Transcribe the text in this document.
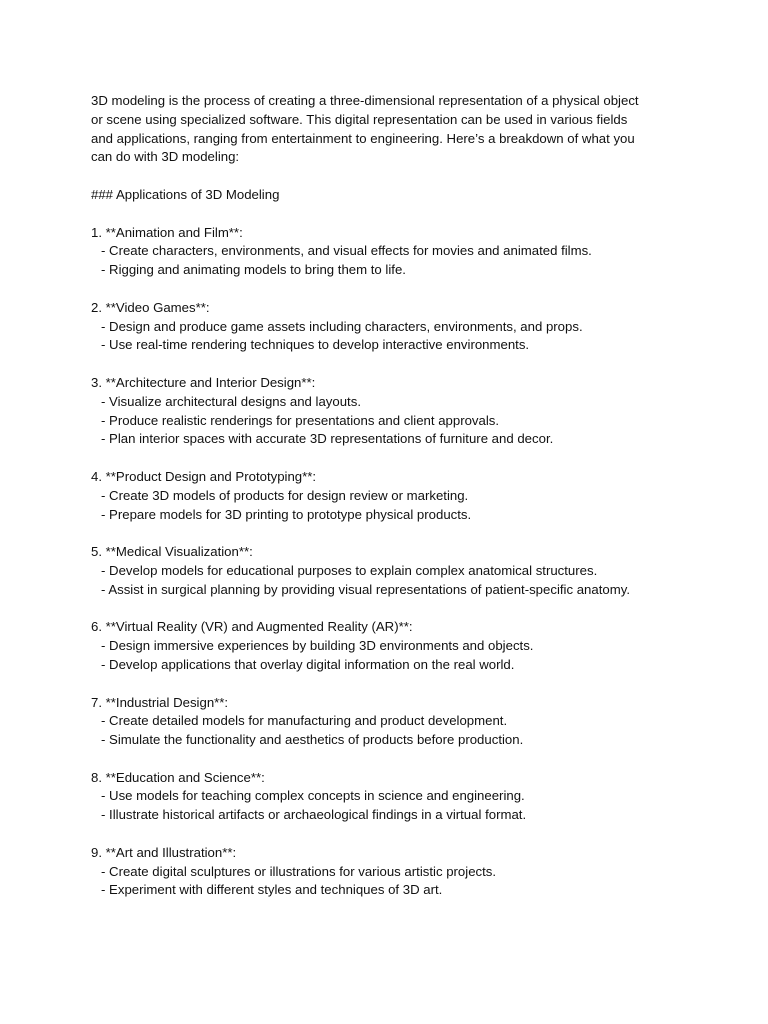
3D modeling is the process of creating a three-dimensional representation of a physical object

or scene using specialized software. This digital representation can be used in various fields

and applications, ranging from entertainment to engineering. Here’s a breakdown of what you

can do with 3D modeling:

### Applications of 3D Modeling

1. **Animation and Film**:

- Create characters, environments, and visual effects for movies and animated films.

- Rigging and animating models to bring them to life.

2. **Video Games**:

- Design and produce game assets including characters, environments, and props.

- Use real-time rendering techniques to develop interactive environments.

3. **Architecture and Interior Design**:

- Visualize architectural designs and layouts.

- Produce realistic renderings for presentations and client approvals.

- Plan interior spaces with accurate 3D representations of furniture and decor.

4. **Product Design and Prototyping**:

- Create 3D models of products for design review or marketing.

- Prepare models for 3D printing to prototype physical products.

5. **Medical Visualization**:

- Develop models for educational purposes to explain complex anatomical structures.

- Assist in surgical planning by providing visual representations of patient-specific anatomy.

6. **Virtual Reality (VR) and Augmented Reality (AR)**:

- Design immersive experiences by building 3D environments and objects.

- Develop applications that overlay digital information on the real world.

7. **Industrial Design**:

- Create detailed models for manufacturing and product development.

- Simulate the functionality and aesthetics of products before production.

8. **Education and Science**:

- Use models for teaching complex concepts in science and engineering.

- Illustrate historical artifacts or archaeological findings in a virtual format.

9. **Art and Illustration**:

- Create digital sculptures or illustrations for various artistic projects.

- Experiment with different styles and techniques of 3D art.
